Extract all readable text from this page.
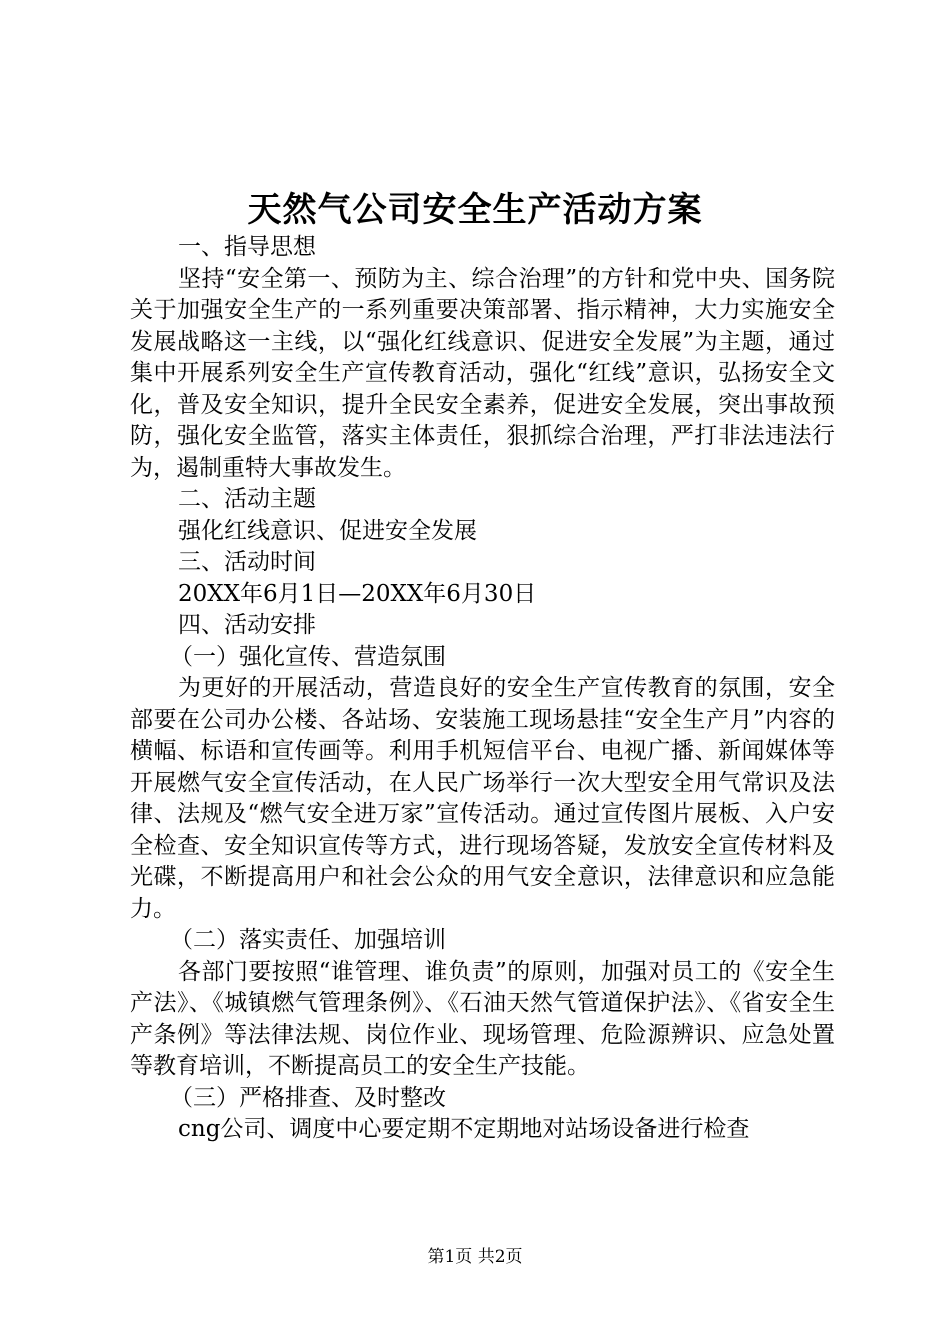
天然气公司安全生产活动方案

一、指导思想

坚持“安全第一、预防为主、综合治理”的方针和党中央、国务院关于加强安全生产的一系列重要决策部署、指示精神，大力实施安全发展战略这一主线，以“强化红线意识、促进安全发展”为主题，通过集中开展系列安全生产宣传教育活动，强化“红线”意识，弘扬安全文化，普及安全知识，提升全民安全素养，促进安全发展，突出事故预防，强化安全监管，落实主体责任，狠抓综合治理，严打非法违法行为，遏制重特大事故发生。

二、活动主题

强化红线意识、促进安全发展

三、活动时间

20XX年6月1日—20XX年6月30日

四、活动安排

（一）强化宣传、营造氛围

为更好的开展活动，营造良好的安全生产宣传教育的氛围，安全部要在公司办公楼、各站场、安装施工现场悬挂“安全生产月”内容的横幅、标语和宣传画等。利用手机短信平台、电视广播、新闻媒体等开展燃气安全宣传活动，在人民广场举行一次大型安全用气常识及法律、法规及“燃气安全进万家”宣传活动。通过宣传图片展板、入户安全检查、安全知识宣传等方式，进行现场答疑，发放安全宣传材料及光碟，不断提高用户和社会公众的用气安全意识，法律意识和应急能力。

（二）落实责任、加强培训

各部门要按照“谁管理、谁负责”的原则，加强对员工的《安全生产法》、《城镇燃气管理条例》、《石油天然气管道保护法》、《省安全生产条例》等法律法规、岗位作业、现场管理、危险源辨识、应急处置等教育培训，不断提高员工的安全生产技能。

（三）严格排查、及时整改

cng公司、调度中心要定期不定期地对站场设备进行检查

第1页 共2页
